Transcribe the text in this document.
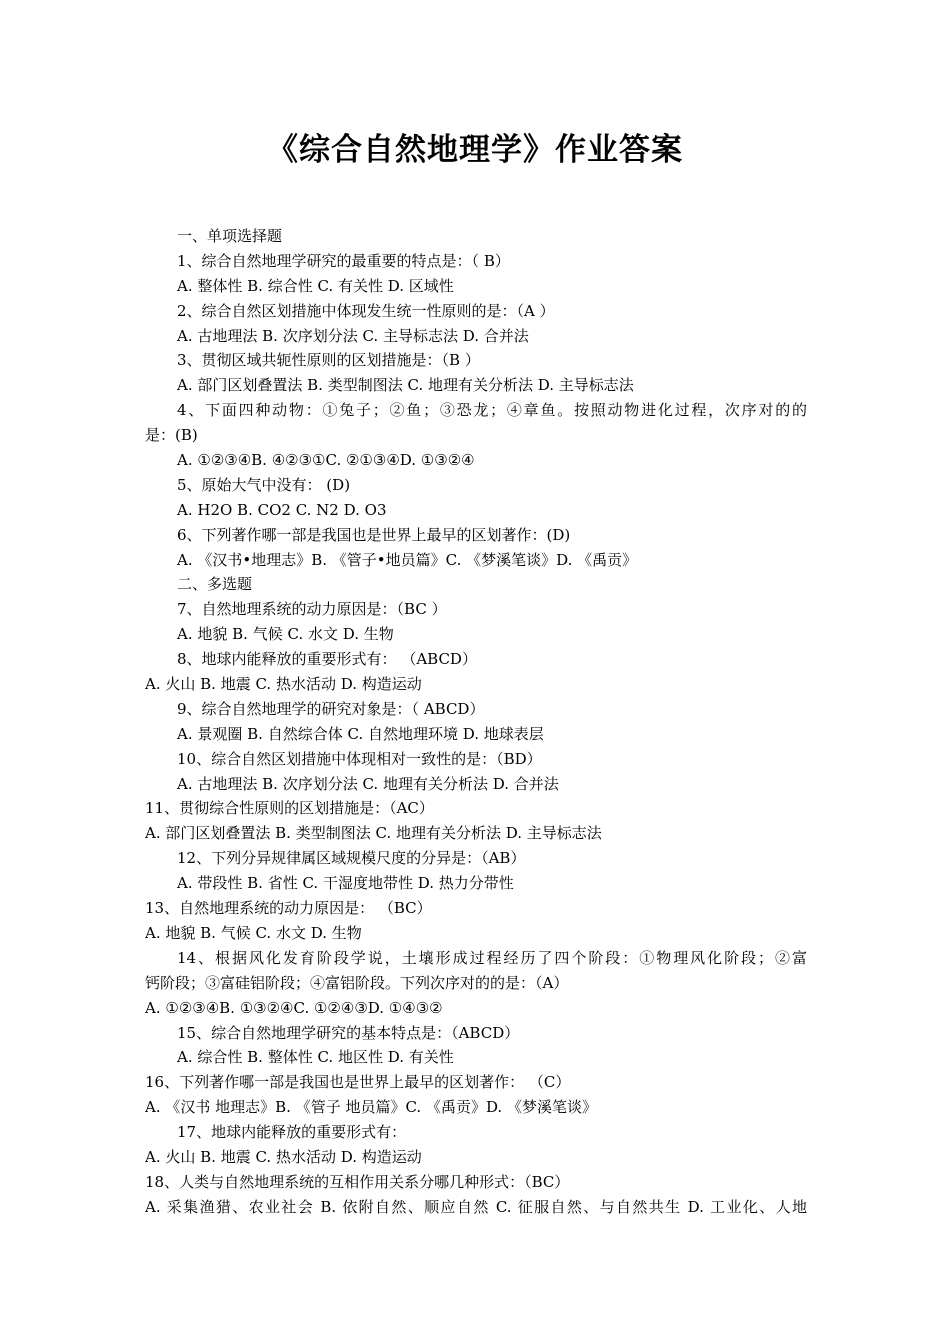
《综合自然地理学》作业答案
一、单项选择题
1、综合自然地理学研究的最重要的特点是：（ B）
A. 整体性 B. 综合性 C. 有关性 D. 区域性
2、综合自然区划措施中体现发生统一性原则的是：（A ）
A. 古地理法 B. 次序划分法 C. 主导标志法 D. 合并法
3、贯彻区域共轭性原则的区划措施是：（B ）
A. 部门区划叠置法 B. 类型制图法 C. 地理有关分析法 D. 主导标志法
4、下面四种动物：①兔子；②鱼；③恐龙；④章鱼。按照动物进化过程，次序对的的
是：(B)
A. ①②③④B. ④②③①C. ②①③④D. ①③②④
5、原始大气中没有： (D)
A. H2O B. CO2 C. N2 D. O3
6、下列著作哪一部是我国也是世界上最早的区划著作：(D)
A. 《汉书•地理志》B. 《管子•地员篇》C. 《梦溪笔谈》D. 《禹贡》
二、多选题
7、自然地理系统的动力原因是：（BC ）
A. 地貌 B. 气候 C. 水文 D. 生物
8、地球内能释放的重要形式有： （ABCD）
A. 火山 B. 地震 C. 热水活动 D. 构造运动
9、综合自然地理学的研究对象是：（ ABCD）
A. 景观圈 B. 自然综合体 C. 自然地理环境 D. 地球表层
10、综合自然区划措施中体现相对一致性的是：（BD）
A. 古地理法 B. 次序划分法 C. 地理有关分析法 D. 合并法
11、贯彻综合性原则的区划措施是：（AC）
A. 部门区划叠置法 B. 类型制图法 C. 地理有关分析法 D. 主导标志法
12、下列分异规律属区域规模尺度的分异是：（AB）
A. 带段性 B. 省性 C. 干湿度地带性 D. 热力分带性
13、自然地理系统的动力原因是： （BC）
A. 地貌 B. 气候 C. 水文 D. 生物
14、根据风化发育阶段学说，土壤形成过程经历了四个阶段：①物理风化阶段；②富
钙阶段；③富硅铝阶段；④富铝阶段。下列次序对的的是：（A）
A. ①②③④B. ①③②④C. ①②④③D. ①④③②
15、综合自然地理学研究的基本特点是：（ABCD）
A. 综合性 B. 整体性 C. 地区性 D. 有关性
16、下列著作哪一部是我国也是世界上最早的区划著作： （C）
A. 《汉书 地理志》B. 《管子 地员篇》C. 《禹贡》D. 《梦溪笔谈》
17、地球内能释放的重要形式有：
A. 火山 B. 地震 C. 热水活动 D. 构造运动
18、人类与自然地理系统的互相作用关系分哪几种形式：（BC）
A. 采集渔猎、农业社会 B. 依附自然、顺应自然 C. 征服自然、与自然共生 D. 工业化、人地
